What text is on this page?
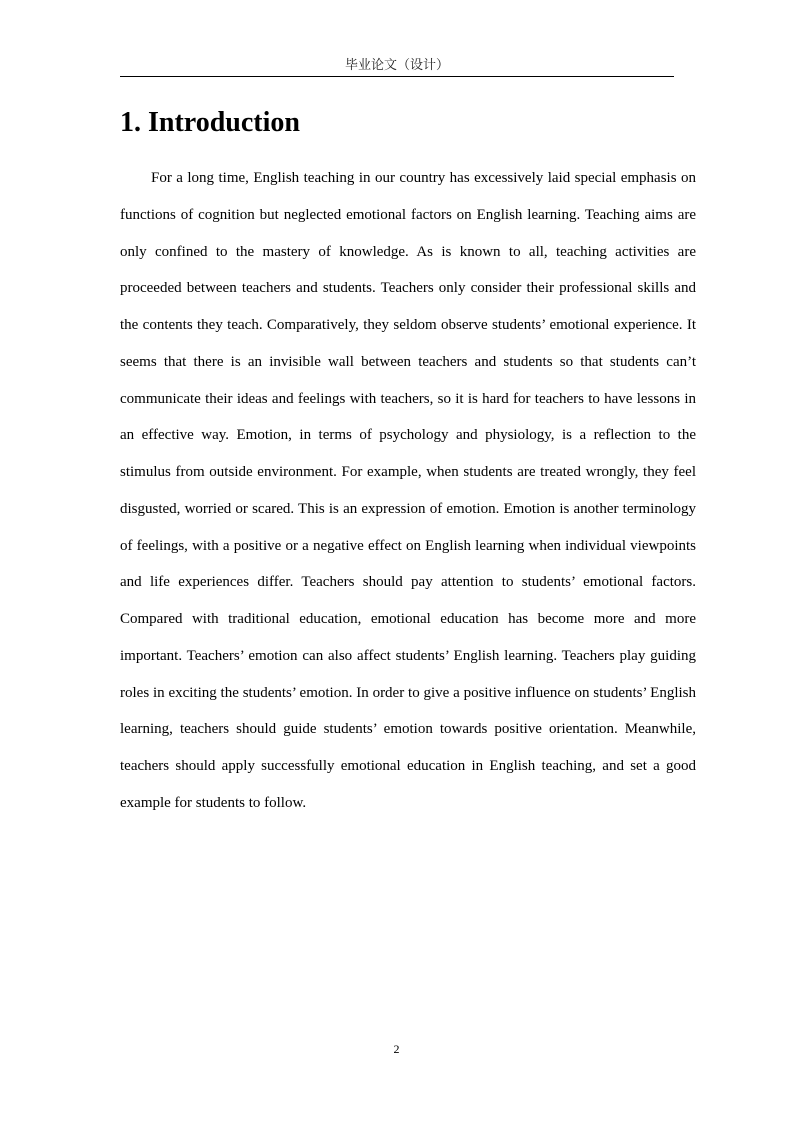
毕业论文（设计）
1. Introduction

For a long time, English teaching in our country has excessively laid special emphasis on functions of cognition but neglected emotional factors on English learning. Teaching aims are only confined to the mastery of knowledge. As is known to all, teaching activities are proceeded between teachers and students. Teachers only consider their professional skills and the contents they teach. Comparatively, they seldom observe students’ emotional experience. It seems that there is an invisible wall between teachers and students so that students can’t communicate their ideas and feelings with teachers, so it is hard for teachers to have lessons in an effective way. Emotion, in terms of psychology and physiology, is a reflection to the stimulus from outside environment. For example, when students are treated wrongly, they feel disgusted, worried or scared. This is an expression of emotion. Emotion is another terminology of feelings, with a positive or a negative effect on English learning when individual viewpoints and life experiences differ. Teachers should pay attention to students’ emotional factors. Compared with traditional education, emotional education has become more and more important. Teachers’ emotion can also affect students’ English learning. Teachers play guiding roles in exciting the students’ emotion. In order to give a positive influence on students’ English learning, teachers should guide students’ emotion towards positive orientation. Meanwhile, teachers should apply successfully emotional education in English teaching, and set a good example for students to follow.

2
